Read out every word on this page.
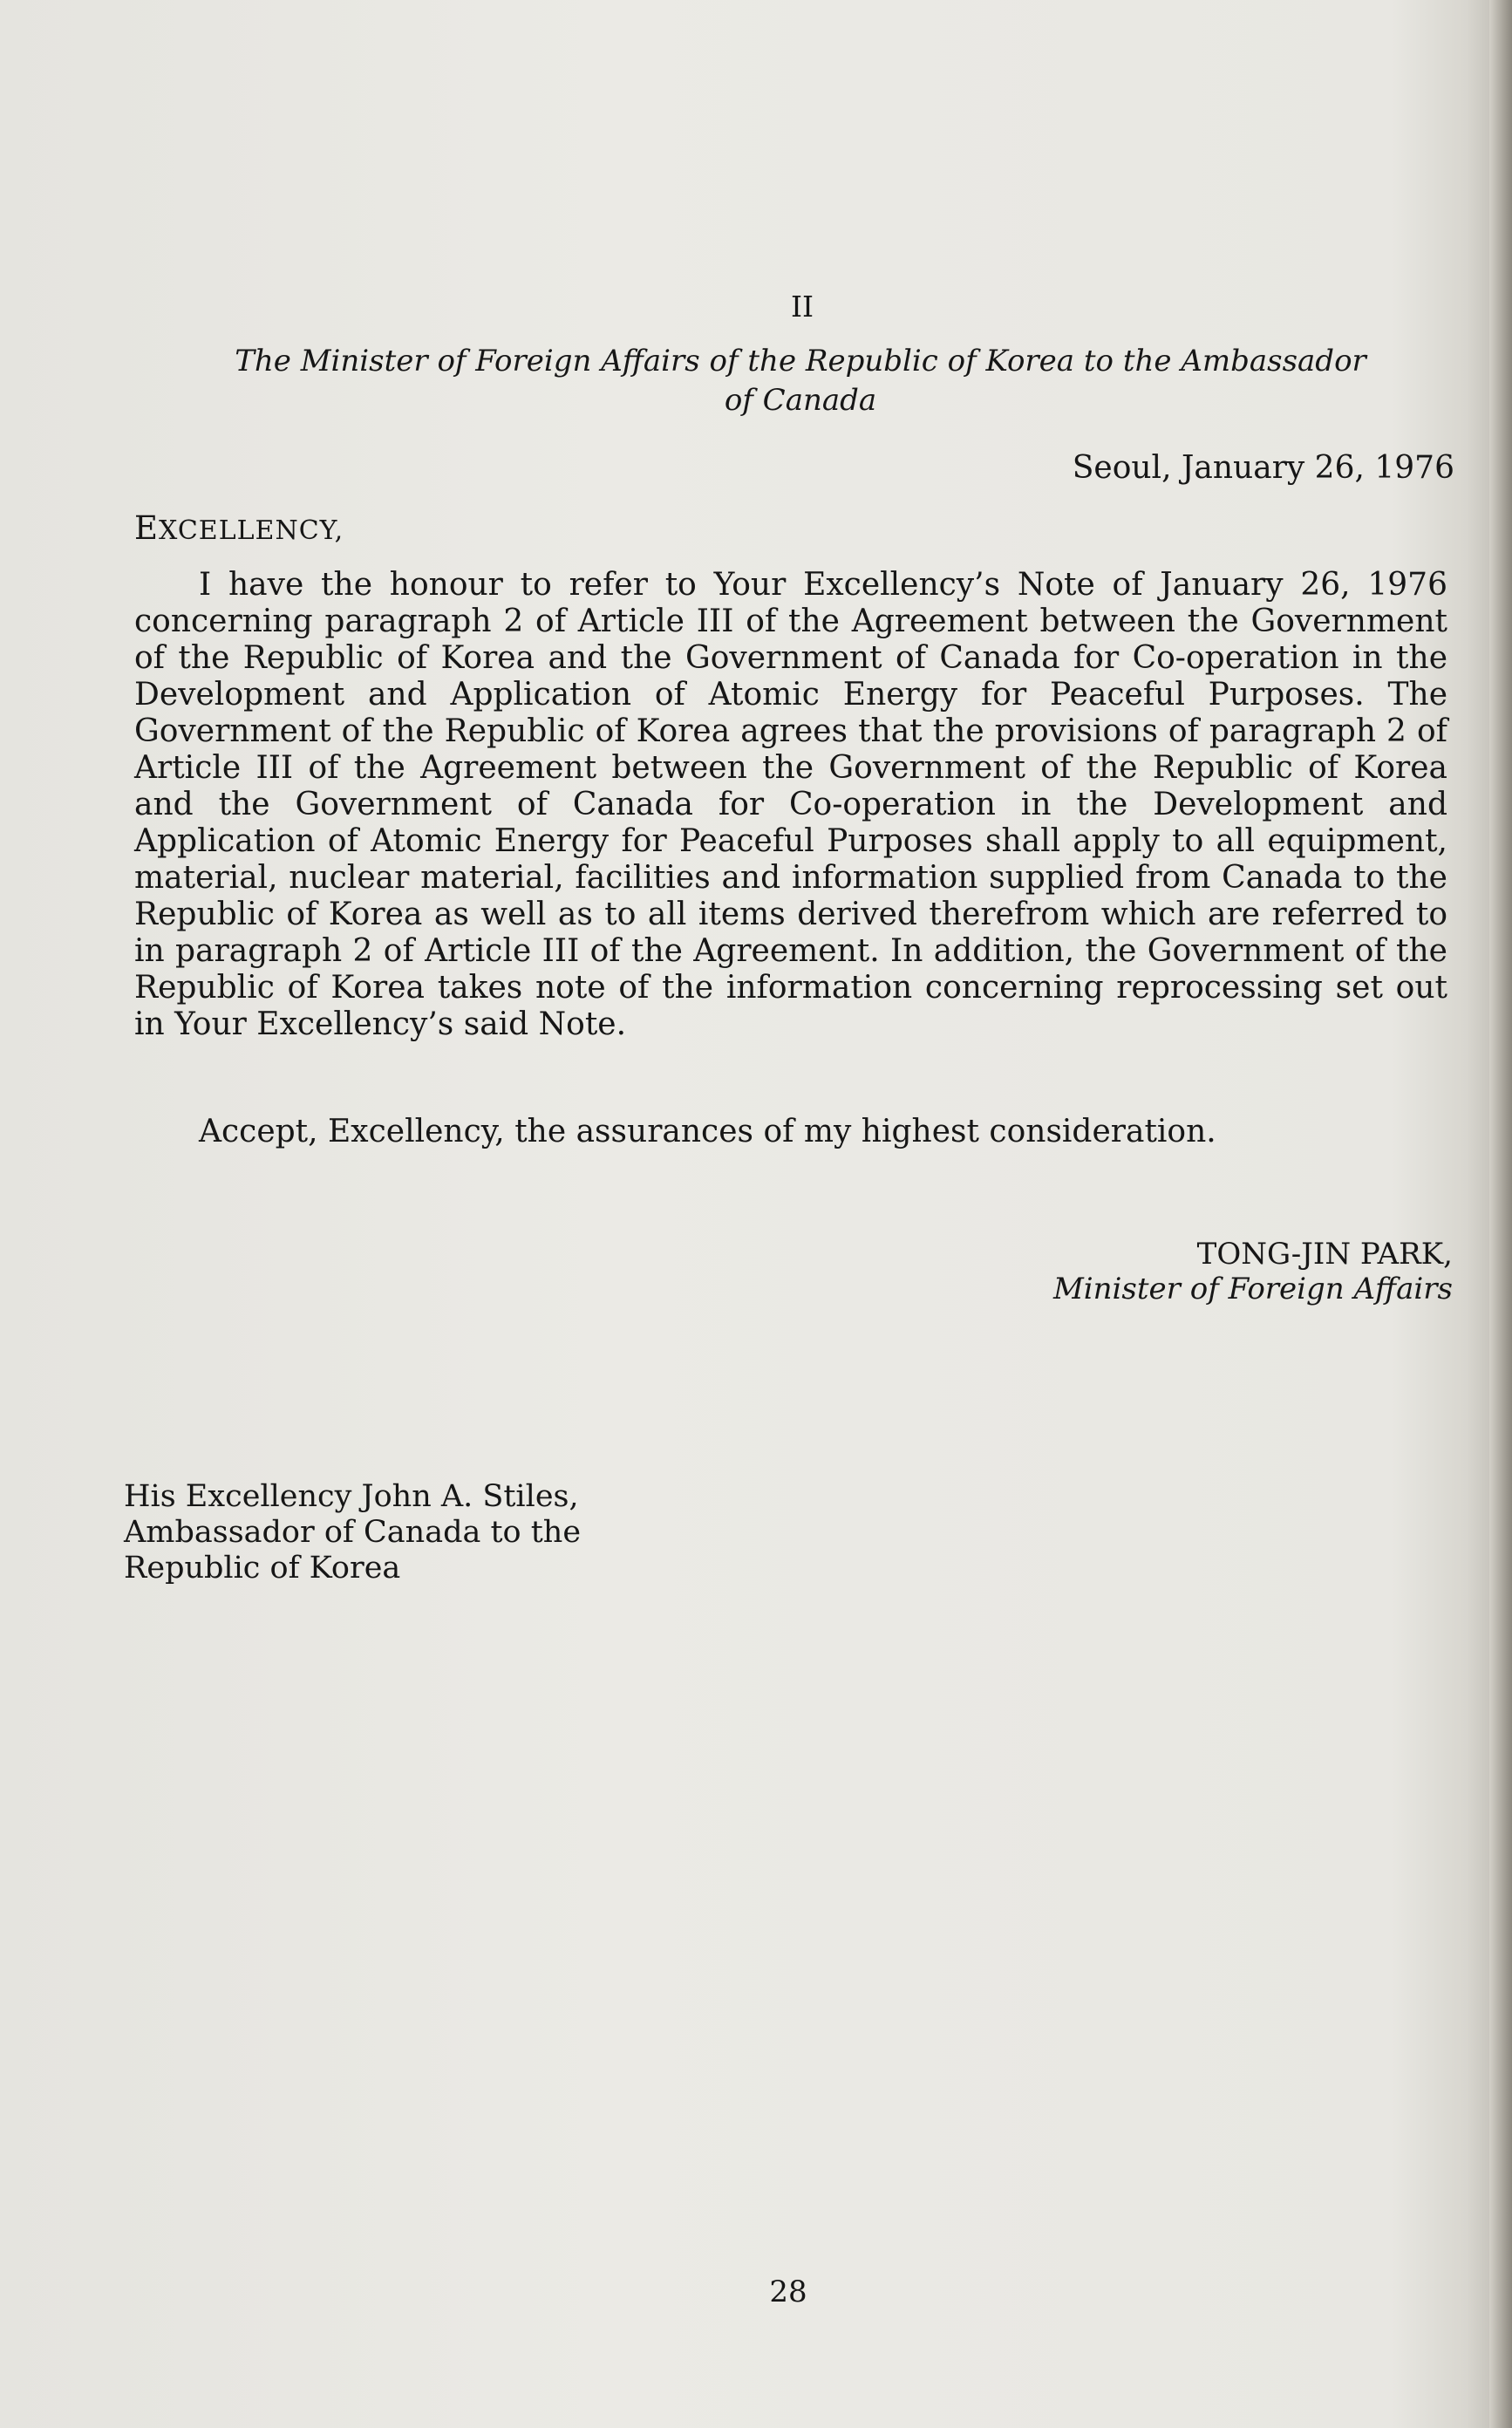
II
The Minister of Foreign Affairs of the Republic of Korea to the Ambassador
of Canada
Seoul, January 26, 1976
EXCELLENCY,

I have the honour to refer to Your Excellency’s Note of January 26, 1976 concerning paragraph 2 of Article III of the Agreement between the Government of the Republic of Korea and the Government of Canada for Co-operation in the Development and Application of Atomic Energy for Peaceful Purposes. The Government of the Republic of Korea agrees that the provisions of paragraph 2 of Article III of the Agreement between the Government of the Republic of Korea and the Government of Canada for Co-operation in the Development and Application of Atomic Energy for Peaceful Purposes shall apply to all equipment, material, nuclear material, facilities and information supplied from Canada to the Republic of Korea as well as to all items derived therefrom which are referred to in paragraph 2 of Article III of the Agreement. In addition, the Government of the Republic of Korea takes note of the information concerning reprocessing set out in Your Excellency’s said Note.

Accept, Excellency, the assurances of my highest consideration.
TONG-JIN PARK,
Minister of Foreign Affairs
His Excellency John A. Stiles,
Ambassador of Canada to the
Republic of Korea
28
